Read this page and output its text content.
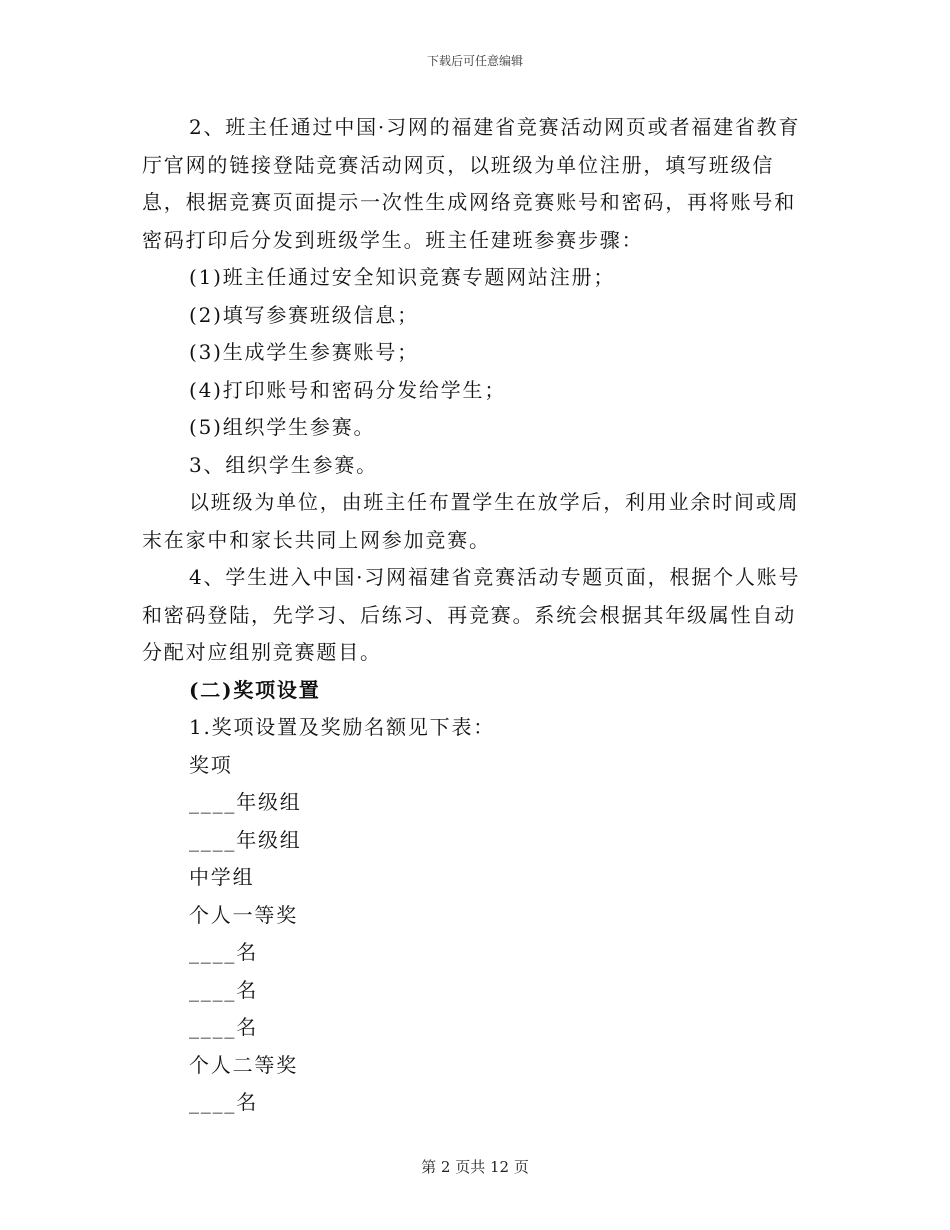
下载后可任意编辑

2、班主任通过中国·习网的福建省竞赛活动网页或者福建省教育厅官网的链接登陆竞赛活动网页，以班级为单位注册，填写班级信息，根据竞赛页面提示一次性生成网络竞赛账号和密码，再将账号和密码打印后分发到班级学生。班主任建班参赛步骤：

(1)班主任通过安全知识竞赛专题网站注册；

(2)填写参赛班级信息；

(3)生成学生参赛账号；

(4)打印账号和密码分发给学生；

(5)组织学生参赛。

3、组织学生参赛。

以班级为单位，由班主任布置学生在放学后，利用业余时间或周末在家中和家长共同上网参加竞赛。

4、学生进入中国·习网福建省竞赛活动专题页面，根据个人账号和密码登陆，先学习、后练习、再竞赛。系统会根据其年级属性自动分配对应组别竞赛题目。

(二)奖项设置

1.奖项设置及奖励名额见下表：

奖项

____年级组

____年级组

中学组

个人一等奖

____名

____名

____名

个人二等奖

____名

第 2 页共 12 页
